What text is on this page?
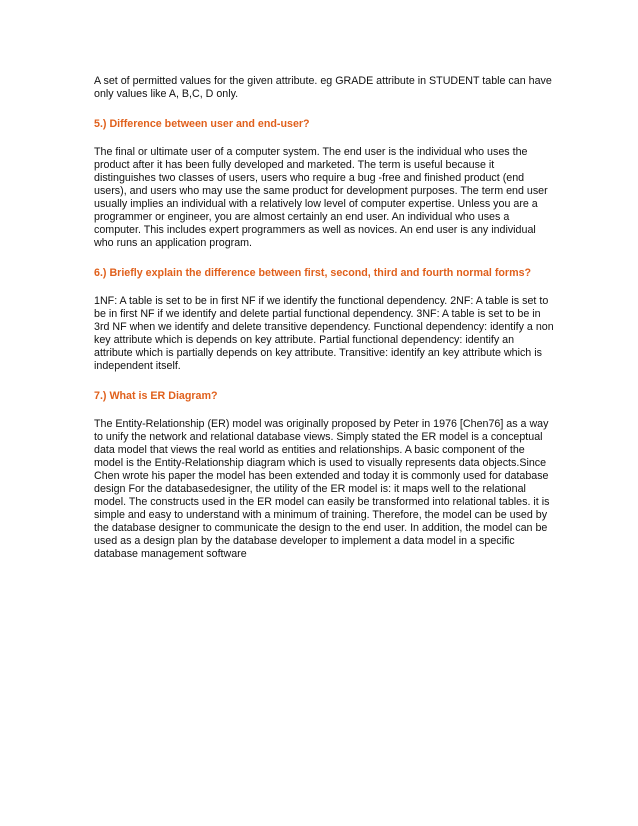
A set of permitted values for the given attribute. eg GRADE attribute in STUDENT table can have
only values like A, B,C, D only.

5.) Difference between user and end-user?

The final or ultimate user of a computer system. The end user is the individual who uses the
product after it has been fully developed and marketed. The term is useful because it
distinguishes two classes of users, users who require a bug -free and finished product (end
users), and users who may use the same product for development purposes. The term end user
usually implies an individual with a relatively low level of computer expertise. Unless you are a
programmer or engineer, you are almost certainly an end user. An individual who uses a
computer. This includes expert programmers as well as novices. An end user is any individual
who runs an application program.

6.) Briefly explain the difference between first, second, third and fourth normal forms?

1NF: A table is set to be in first NF if we identify the functional dependency. 2NF: A table is set to
be in first NF if we identify and delete partial functional dependency. 3NF: A table is set to be in
3rd NF when we identify and delete transitive dependency. Functional dependency: identify a non
key attribute which is depends on key attribute. Partial functional dependency: identify an
attribute which is partially depends on key attribute. Transitive: identify an key attribute which is
independent itself.

7.) What is ER Diagram?

The Entity-Relationship (ER) model was originally proposed by Peter in 1976 [Chen76] as a way
to unify the network and relational database views. Simply stated the ER model is a conceptual
data model that views the real world as entities and relationships. A basic component of the
model is the Entity-Relationship diagram which is used to visually represents data objects.Since
Chen wrote his paper the model has been extended and today it is commonly used for database
design For the databasedesigner, the utility of the ER model is: it maps well to the relational
model. The constructs used in the ER model can easily be transformed into relational tables. it is
simple and easy to understand with a minimum of training. Therefore, the model can be used by
the database designer to communicate the design to the end user. In addition, the model can be
used as a design plan by the database developer to implement a data model in a specific
database management software
